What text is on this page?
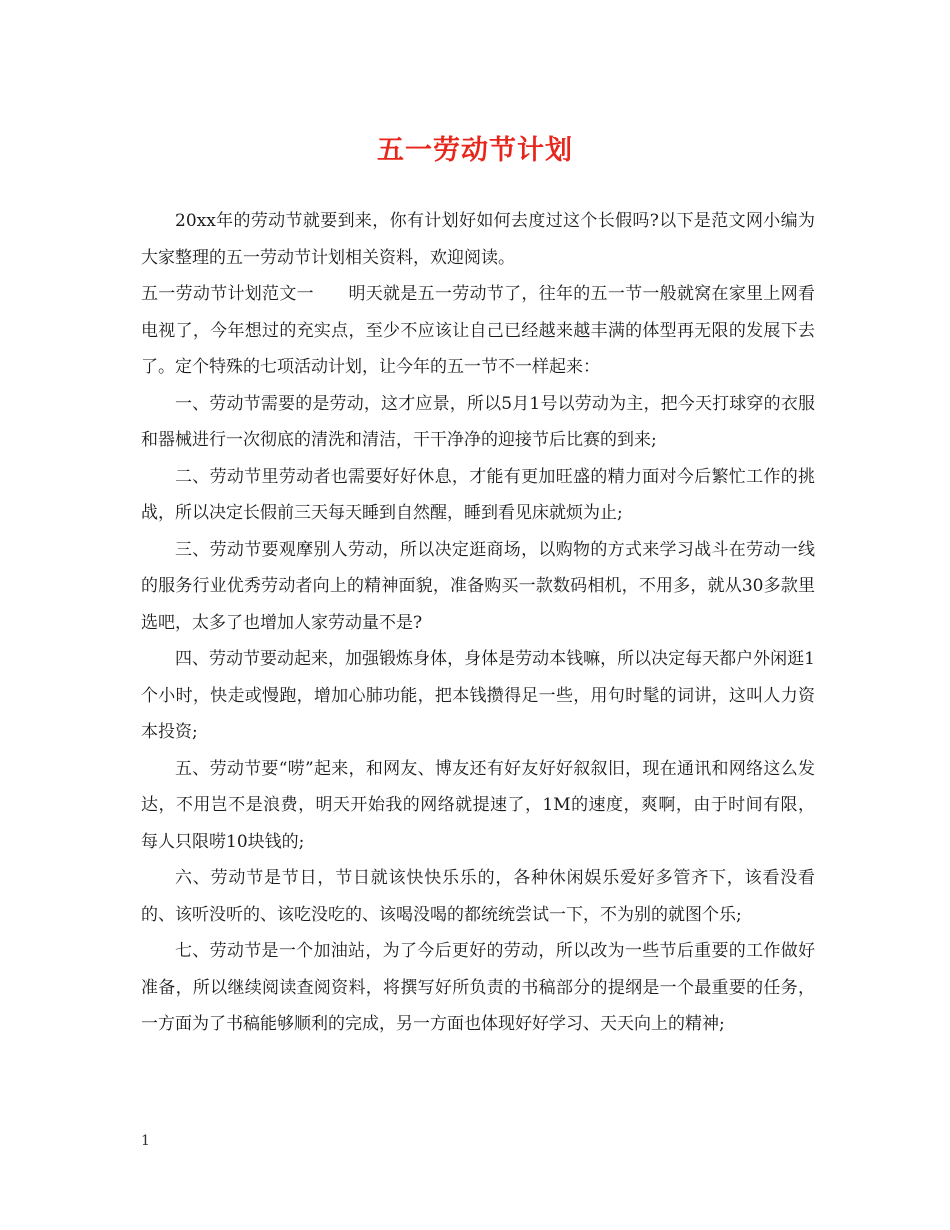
五一劳动节计划

20xx年的劳动节就要到来，你有计划好如何去度过这个长假吗?以下是范文网小编为大家整理的五一劳动节计划相关资料，欢迎阅读。

五一劳动节计划范文一　　明天就是五一劳动节了，往年的五一节一般就窝在家里上网看电视了，今年想过的充实点，至少不应该让自己已经越来越丰满的体型再无限的发展下去了。定个特殊的七项活动计划，让今年的五一节不一样起来：

一、劳动节需要的是劳动，这才应景，所以5月1号以劳动为主，把今天打球穿的衣服和器械进行一次彻底的清洗和清洁，干干净净的迎接节后比赛的到来;

二、劳动节里劳动者也需要好好休息，才能有更加旺盛的精力面对今后繁忙工作的挑战，所以决定长假前三天每天睡到自然醒，睡到看见床就烦为止;

三、劳动节要观摩别人劳动，所以决定逛商场，以购物的方式来学习战斗在劳动一线的服务行业优秀劳动者向上的精神面貌，准备购买一款数码相机，不用多，就从30多款里选吧，太多了也增加人家劳动量不是?

四、劳动节要动起来，加强锻炼身体，身体是劳动本钱嘛，所以决定每天都户外闲逛1个小时，快走或慢跑，增加心肺功能，把本钱攒得足一些，用句时髦的词讲，这叫人力资本投资;

五、劳动节要“唠”起来，和网友、博友还有好友好好叙叙旧，现在通讯和网络这么发达，不用岂不是浪费，明天开始我的网络就提速了，1M的速度，爽啊，由于时间有限，每人只限唠10块钱的;

六、劳动节是节日，节日就该快快乐乐的，各种休闲娱乐爱好多管齐下，该看没看的、该听没听的、该吃没吃的、该喝没喝的都统统尝试一下，不为别的就图个乐;

七、劳动节是一个加油站，为了今后更好的劳动，所以改为一些节后重要的工作做好准备，所以继续阅读查阅资料，将撰写好所负责的书稿部分的提纲是一个最重要的任务，一方面为了书稿能够顺利的完成，另一方面也体现好好学习、天天向上的精神;

1
